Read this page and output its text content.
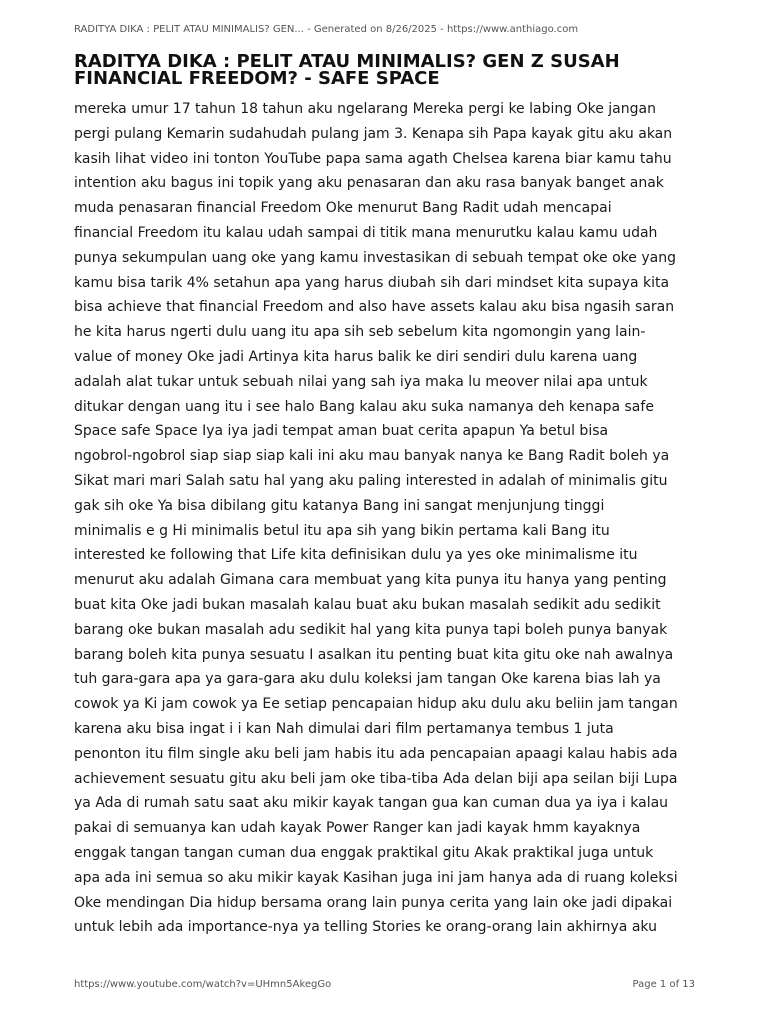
RADITYA DIKA : PELIT ATAU MINIMALIS? GEN... - Generated on 8/26/2025 - https://www.anthiago.com
RADITYA DIKA : PELIT ATAU MINIMALIS? GEN Z SUSAH
FINANCIAL FREEDOM? - SAFE SPACE
mereka umur 17 tahun 18 tahun aku ngelarang Mereka pergi ke labing Oke jangan
pergi pulang Kemarin sudahudah pulang jam 3. Kenapa sih Papa kayak gitu aku akan
kasih lihat video ini tonton YouTube papa sama agath Chelsea karena biar kamu tahu
intention aku bagus ini topik yang aku penasaran dan aku rasa banyak banget anak
muda penasaran financial Freedom Oke menurut Bang Radit udah mencapai
financial Freedom itu kalau udah sampai di titik mana menurutku kalau kamu udah
punya sekumpulan uang oke yang kamu investasikan di sebuah tempat oke oke yang
kamu bisa tarik 4% setahun apa yang harus diubah sih dari mindset kita supaya kita
bisa achieve that financial Freedom and also have assets kalau aku bisa ngasih saran
he kita harus ngerti dulu uang itu apa sih seb sebelum kita ngomongin yang lain-
value of money Oke jadi Artinya kita harus balik ke diri sendiri dulu karena uang
adalah alat tukar untuk sebuah nilai yang sah iya maka lu meover nilai apa untuk
ditukar dengan uang itu i see halo Bang kalau aku suka namanya deh kenapa safe
Space safe Space Iya iya jadi tempat aman buat cerita apapun Ya betul bisa
ngobrol-ngobrol siap siap siap kali ini aku mau banyak nanya ke Bang Radit boleh ya
Sikat mari mari Salah satu hal yang aku paling interested in adalah of minimalis gitu
gak sih oke Ya bisa dibilang gitu katanya Bang ini sangat menjunjung tinggi
minimalis e g Hi minimalis betul itu apa sih yang bikin pertama kali Bang itu
interested ke following that Life kita definisikan dulu ya yes oke minimalisme itu
menurut aku adalah Gimana cara membuat yang kita punya itu hanya yang penting
buat kita Oke jadi bukan masalah kalau buat aku bukan masalah sedikit adu sedikit
barang oke bukan masalah adu sedikit hal yang kita punya tapi boleh punya banyak
barang boleh kita punya sesuatu I asalkan itu penting buat kita gitu oke nah awalnya
tuh gara-gara apa ya gara-gara aku dulu koleksi jam tangan Oke karena bias lah ya
cowok ya Ki jam cowok ya Ee setiap pencapaian hidup aku dulu aku beliin jam tangan
karena aku bisa ingat i i kan Nah dimulai dari film pertamanya tembus 1 juta
penonton itu film single aku beli jam habis itu ada pencapaian apaagi kalau habis ada
achievement sesuatu gitu aku beli jam oke tiba-tiba Ada delan biji apa seilan biji Lupa
ya Ada di rumah satu saat aku mikir kayak tangan gua kan cuman dua ya iya i kalau
pakai di semuanya kan udah kayak Power Ranger kan jadi kayak hmm kayaknya
enggak tangan tangan cuman dua enggak praktikal gitu Akak praktikal juga untuk
apa ada ini semua so aku mikir kayak Kasihan juga ini jam hanya ada di ruang koleksi
Oke mendingan Dia hidup bersama orang lain punya cerita yang lain oke jadi dipakai
untuk lebih ada importance-nya ya telling Stories ke orang-orang lain akhirnya aku
https://www.youtube.com/watch?v=UHmn5AkegGo	Page 1 of 13
